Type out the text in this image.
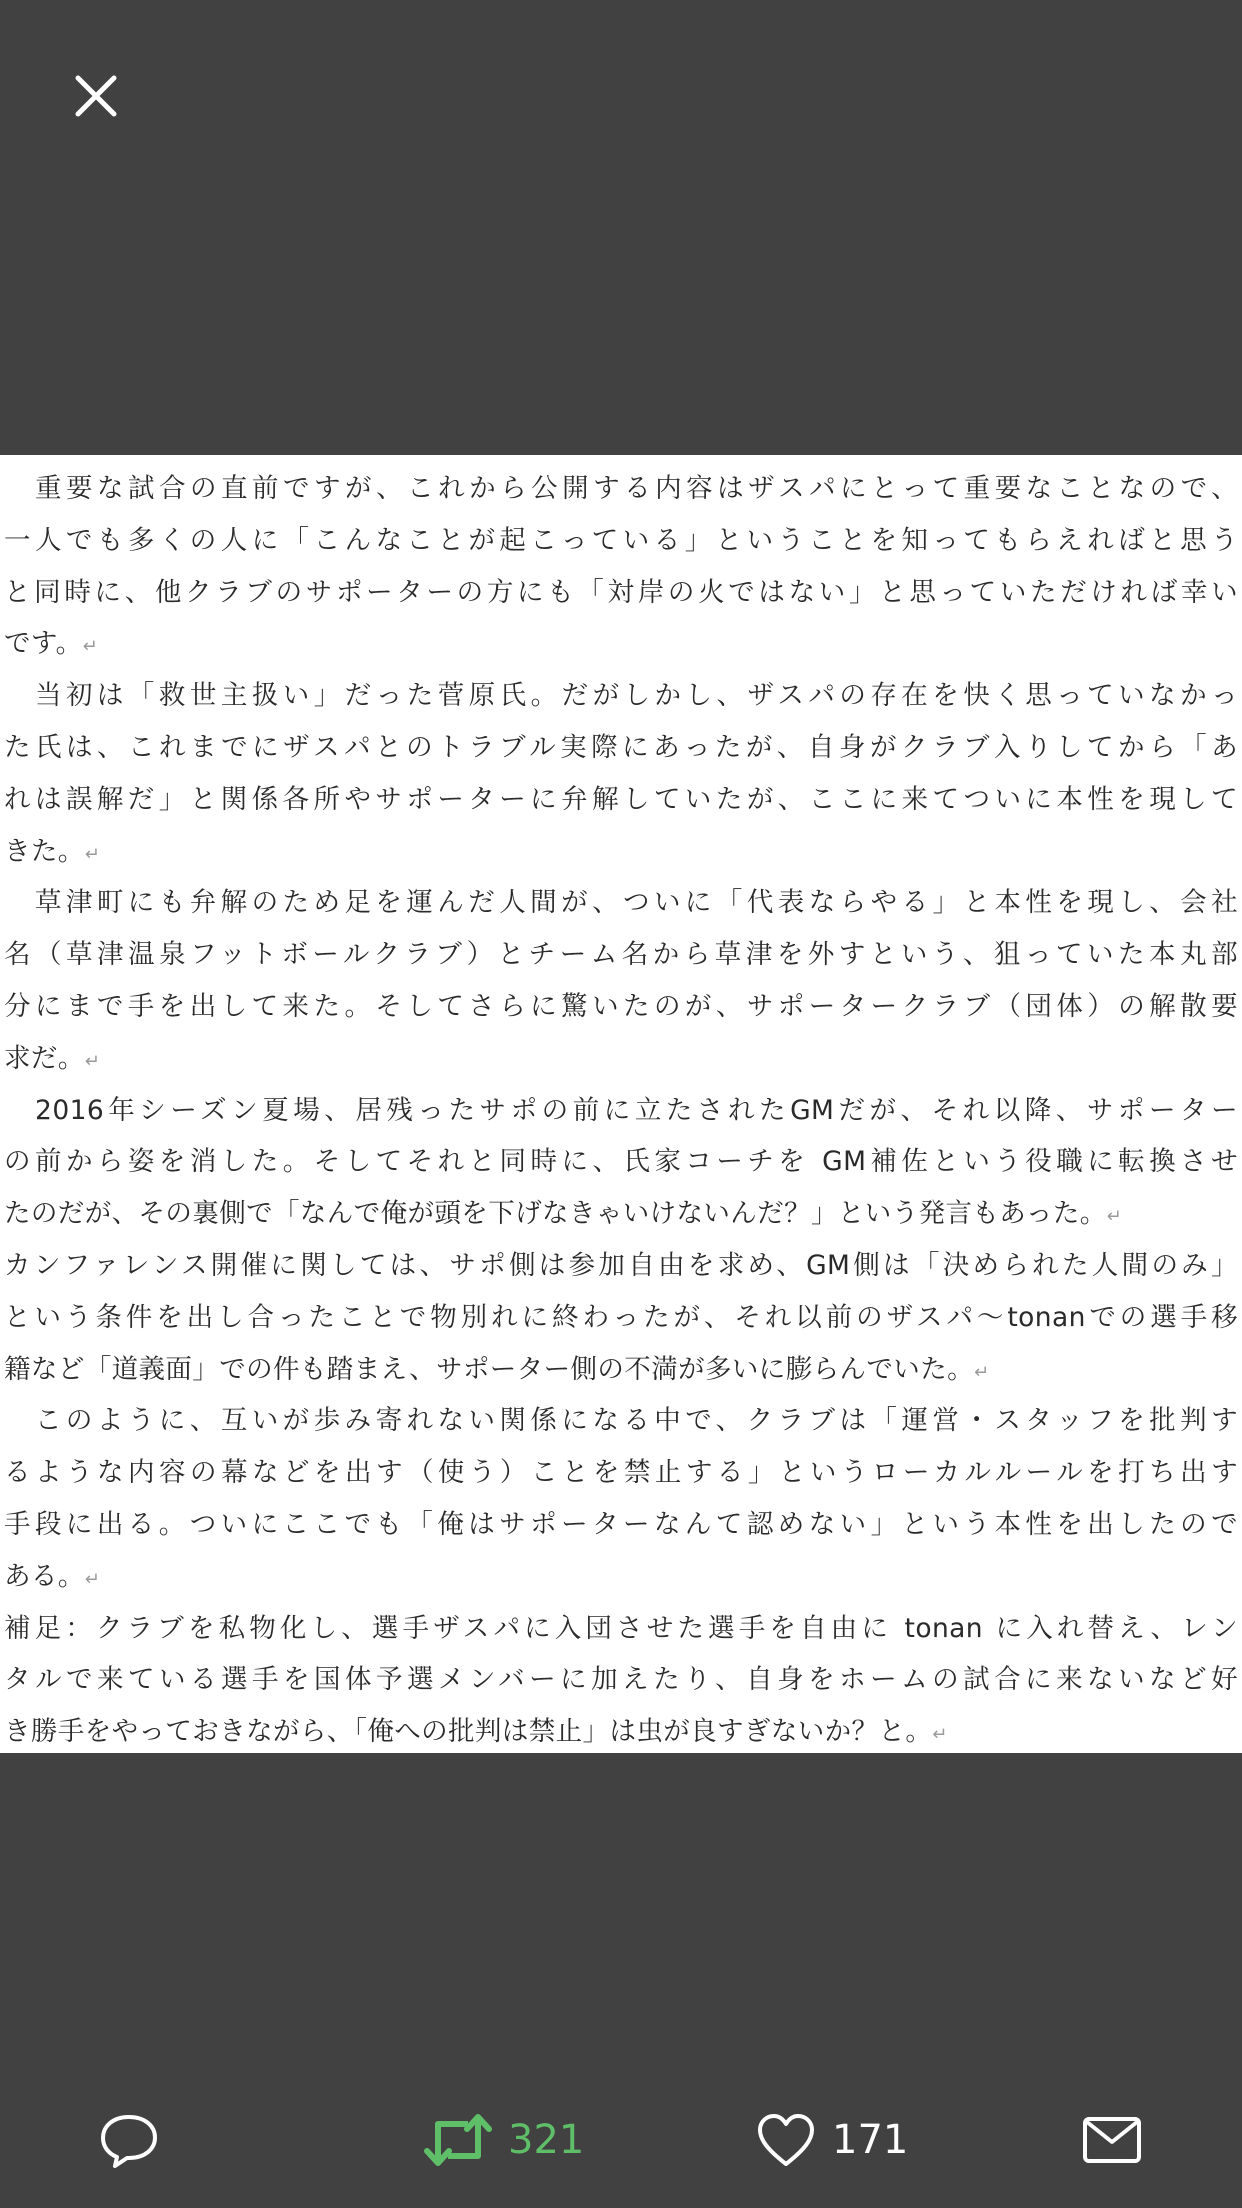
　重要な試合の直前ですが、これから公開する内容はザスパにとって重要なことなので、
一人でも多くの人に「こんなことが起こっている」ということを知ってもらえればと思う
と同時に、他クラブのサポーターの方にも「対岸の火ではない」と思っていただければ幸い
です。↵
　当初は「救世主扱い」だった菅原氏。だがしかし、ザスパの存在を快く思っていなかっ
た氏は、これまでにザスパとのトラブル実際にあったが、自身がクラブ入りしてから「あ
れは誤解だ」と関係各所やサポーターに弁解していたが、ここに来てついに本性を現して
きた。↵
　草津町にも弁解のため足を運んだ人間が、ついに「代表ならやる」と本性を現し、会社
名（草津温泉フットボールクラブ）とチーム名から草津を外すという、狙っていた本丸部
分にまで手を出して来た。そしてさらに驚いたのが、サポータークラブ（団体）の解散要
求だ。↵
　2016年シーズン夏場、居残ったサポの前に立たされたGMだが、それ以降、サポーター
の前から姿を消した。そしてそれと同時に、氏家コーチを GM補佐という役職に転換させ
たのだが、その裏側で「なんで俺が頭を下げなきゃいけないんだ？」という発言もあった。↵
カンファレンス開催に関しては、サポ側は参加自由を求め、GM側は「決められた人間のみ」
という条件を出し合ったことで物別れに終わったが、それ以前のザスパ〜tonanでの選手移
籍など「道義面」での件も踏まえ、サポーター側の不満が多いに膨らんでいた。↵
　このように、互いが歩み寄れない関係になる中で、クラブは「運営・スタッフを批判す
るような内容の幕などを出す（使う）ことを禁止する」というローカルルールを打ち出す
手段に出る。ついにここでも「俺はサポーターなんて認めない」という本性を出したので
ある。↵
補足：クラブを私物化し、選手ザスパに入団させた選手を自由に tonan に入れ替え、レン
タルで来ている選手を国体予選メンバーに加えたり、自身をホームの試合に来ないなど好
き勝手をやっておきながら、「俺への批判は禁止」は虫が良すぎないか？と。↵
321	171
